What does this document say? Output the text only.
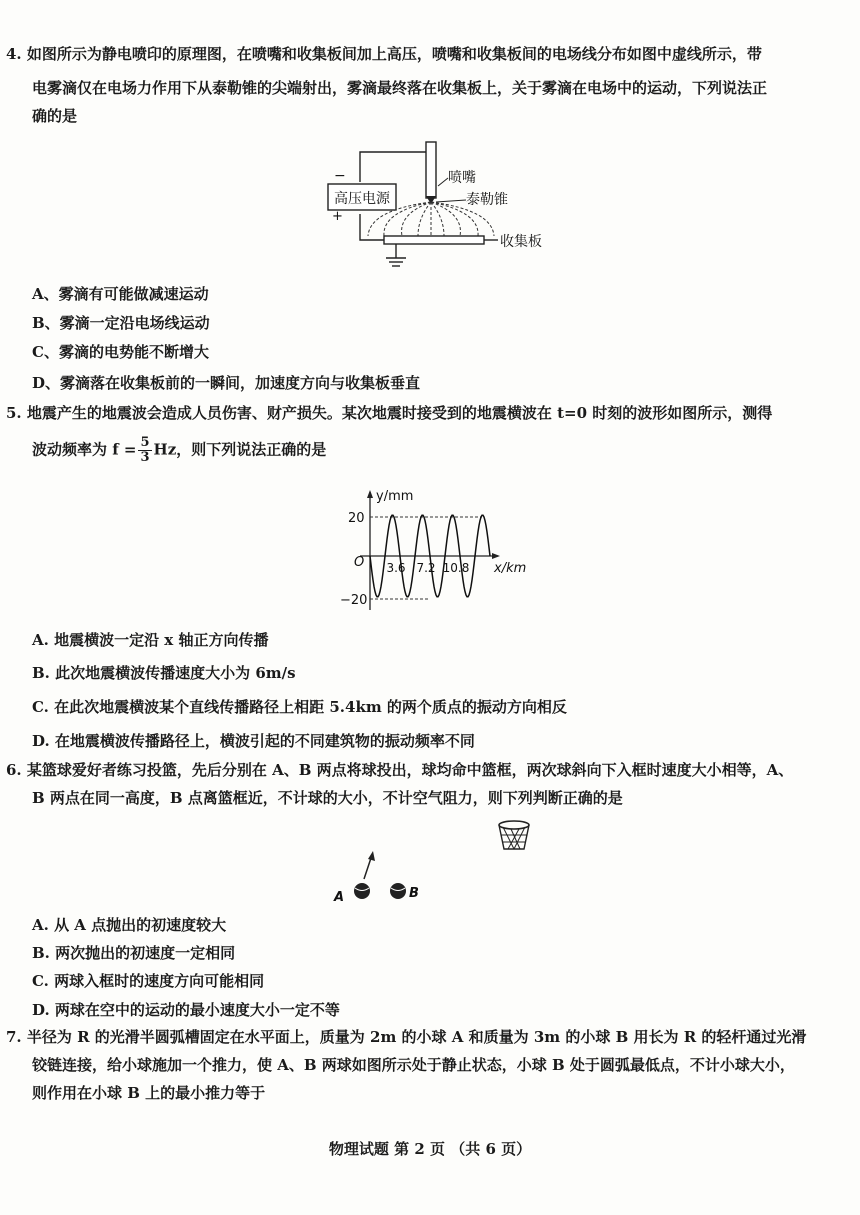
4. 如图所示为静电喷印的原理图，在喷嘴和收集板间加上高压，喷嘴和收集板间的电场线分布如图中虚线所示，带
电雾滴仅在电场力作用下从泰勒锥的尖端射出，雾滴最终落在收集板上，关于雾滴在电场中的运动，下列说法正
确的是
高压电源
−
+
喷嘴
泰勒锥
收集板
A、雾滴有可能做减速运动
B、雾滴一定沿电场线运动
C、雾滴的电势能不断增大
D、雾滴落在收集板前的一瞬间，加速度方向与收集板垂直
5. 地震产生的地震波会造成人员伤害、财产损失。某次地震时接受到的地震横波在 t=0 时刻的波形如图所示，测得
波动频率为 $f = \frac{5}{3}$ Hz，则下列说法正确的是
y/mm
x/km
O
20
−20
3.6 7.2 10.8
A. 地震横波一定沿 x 轴正方向传播
B. 此次地震横波传播速度大小为 6m/s
C. 在此次地震横波某个直线传播路径上相距 5.4km 的两个质点的振动方向相反
D. 在地震横波传播路径上，横波引起的不同建筑物的振动频率不同
6. 某篮球爱好者练习投篮，先后分别在 A、B 两点将球投出，球均命中篮框，两次球斜向下入框时速度大小相等，A、
B 两点在同一高度，B 点离篮框近，不计球的大小，不计空气阻力，则下列判断正确的是
A	B
A. 从 A 点抛出的初速度较大
B. 两次抛出的初速度一定相同
C. 两球入框时的速度方向可能相同
D. 两球在空中的运动的最小速度大小一定不等
7. 半径为 R 的光滑半圆弧槽固定在水平面上，质量为 2m 的小球 A 和质量为 3m 的小球 B 用长为 R 的轻杆通过光滑
铰链连接，给小球施加一个推力，使 A、B 两球如图所示处于静止状态，小球 B 处于圆弧最低点，不计小球大小，
则作用在小球 B 上的最小推力等于
物理试题 第 2 页 （共 6 页）
